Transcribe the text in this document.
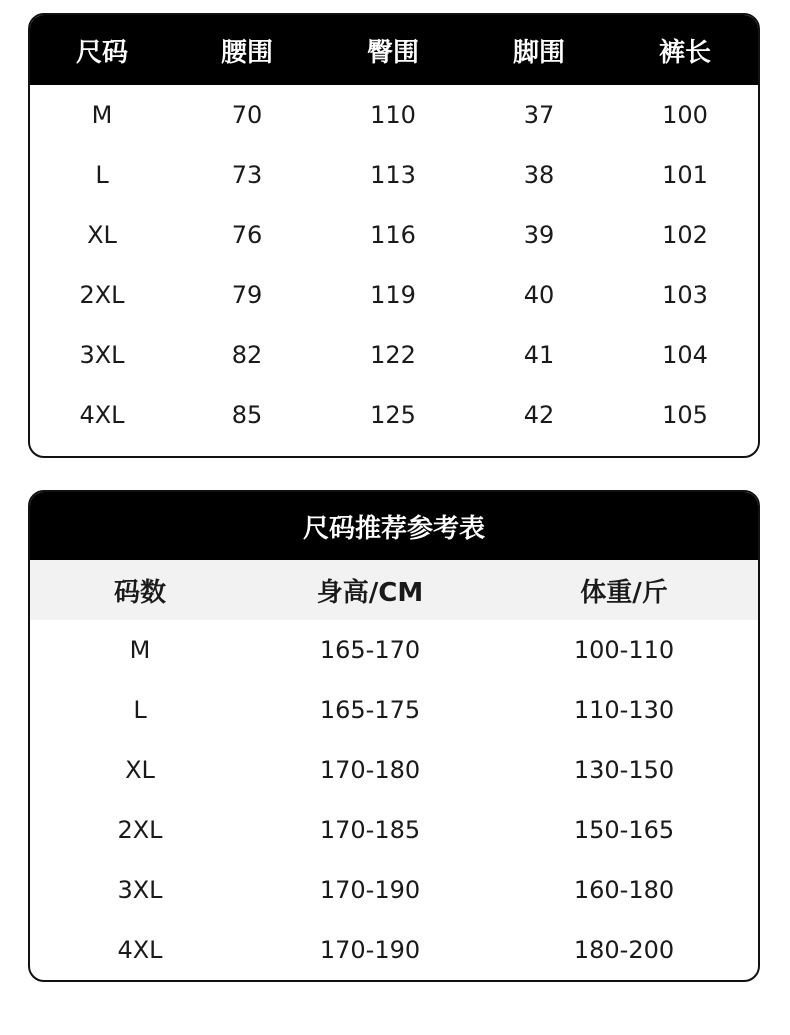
尺码	腰围	臀围	脚围	裤长
M	70	110	37	100
L	73	113	38	101
XL	76	116	39	102
2XL	79	119	40	103
3XL	82	122	41	104
4XL	85	125	42	105
尺码推荐参考表
码数	身高/CM	体重/斤
M	165-170	100-110
L	165-175	110-130
XL	170-180	130-150
2XL	170-185	150-165
3XL	170-190	160-180
4XL	170-190	180-200
